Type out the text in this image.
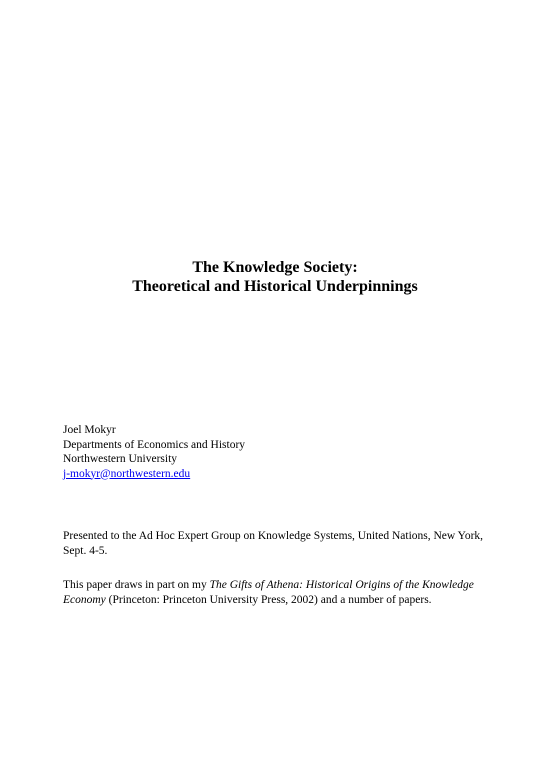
The Knowledge Society:
Theoretical and Historical Underpinnings
Joel Mokyr
Departments of Economics and History
Northwestern University
j-mokyr@northwestern.edu
Presented to the Ad Hoc Expert Group on Knowledge Systems, United Nations, New York,
Sept. 4-5.
This paper draws in part on my The Gifts of Athena: Historical Origins of the Knowledge
Economy (Princeton: Princeton University Press, 2002) and a number of papers.
